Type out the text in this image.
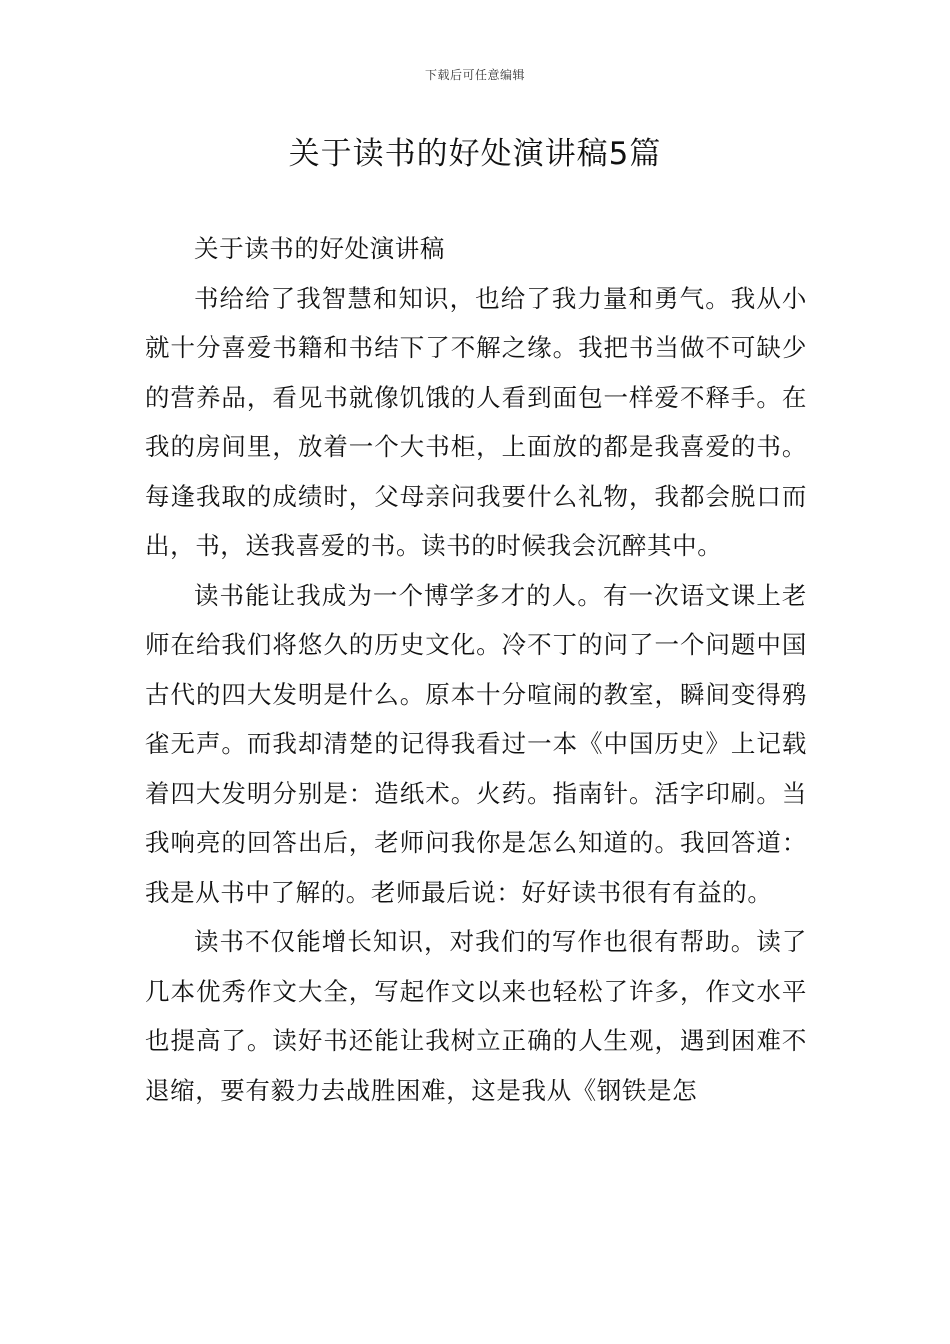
下载后可任意编辑
关于读书的好处演讲稿5篇

关于读书的好处演讲稿

书给给了我智慧和知识，也给了我力量和勇气。我从小就十分喜爱书籍和书结下了不解之缘。我把书当做不可缺少的营养品，看见书就像饥饿的人看到面包一样爱不释手。在我的房间里，放着一个大书柜，上面放的都是我喜爱的书。每逢我取的成绩时，父母亲问我要什么礼物，我都会脱口而出，书，送我喜爱的书。读书的时候我会沉醉其中。

读书能让我成为一个博学多才的人。有一次语文课上老师在给我们将悠久的历史文化。冷不丁的问了一个问题中国古代的四大发明是什么。原本十分喧闹的教室，瞬间变得鸦雀无声。而我却清楚的记得我看过一本《中国历史》上记载着四大发明分别是：造纸术。火药。指南针。活字印刷。当我响亮的回答出后，老师问我你是怎么知道的。我回答道：我是从书中了解的。老师最后说：好好读书很有有益的。

读书不仅能增长知识，对我们的写作也很有帮助。读了几本优秀作文大全，写起作文以来也轻松了许多，作文水平也提高了。读好书还能让我树立正确的人生观，遇到困难不退缩，要有毅力去战胜困难，这是我从《钢铁是怎
